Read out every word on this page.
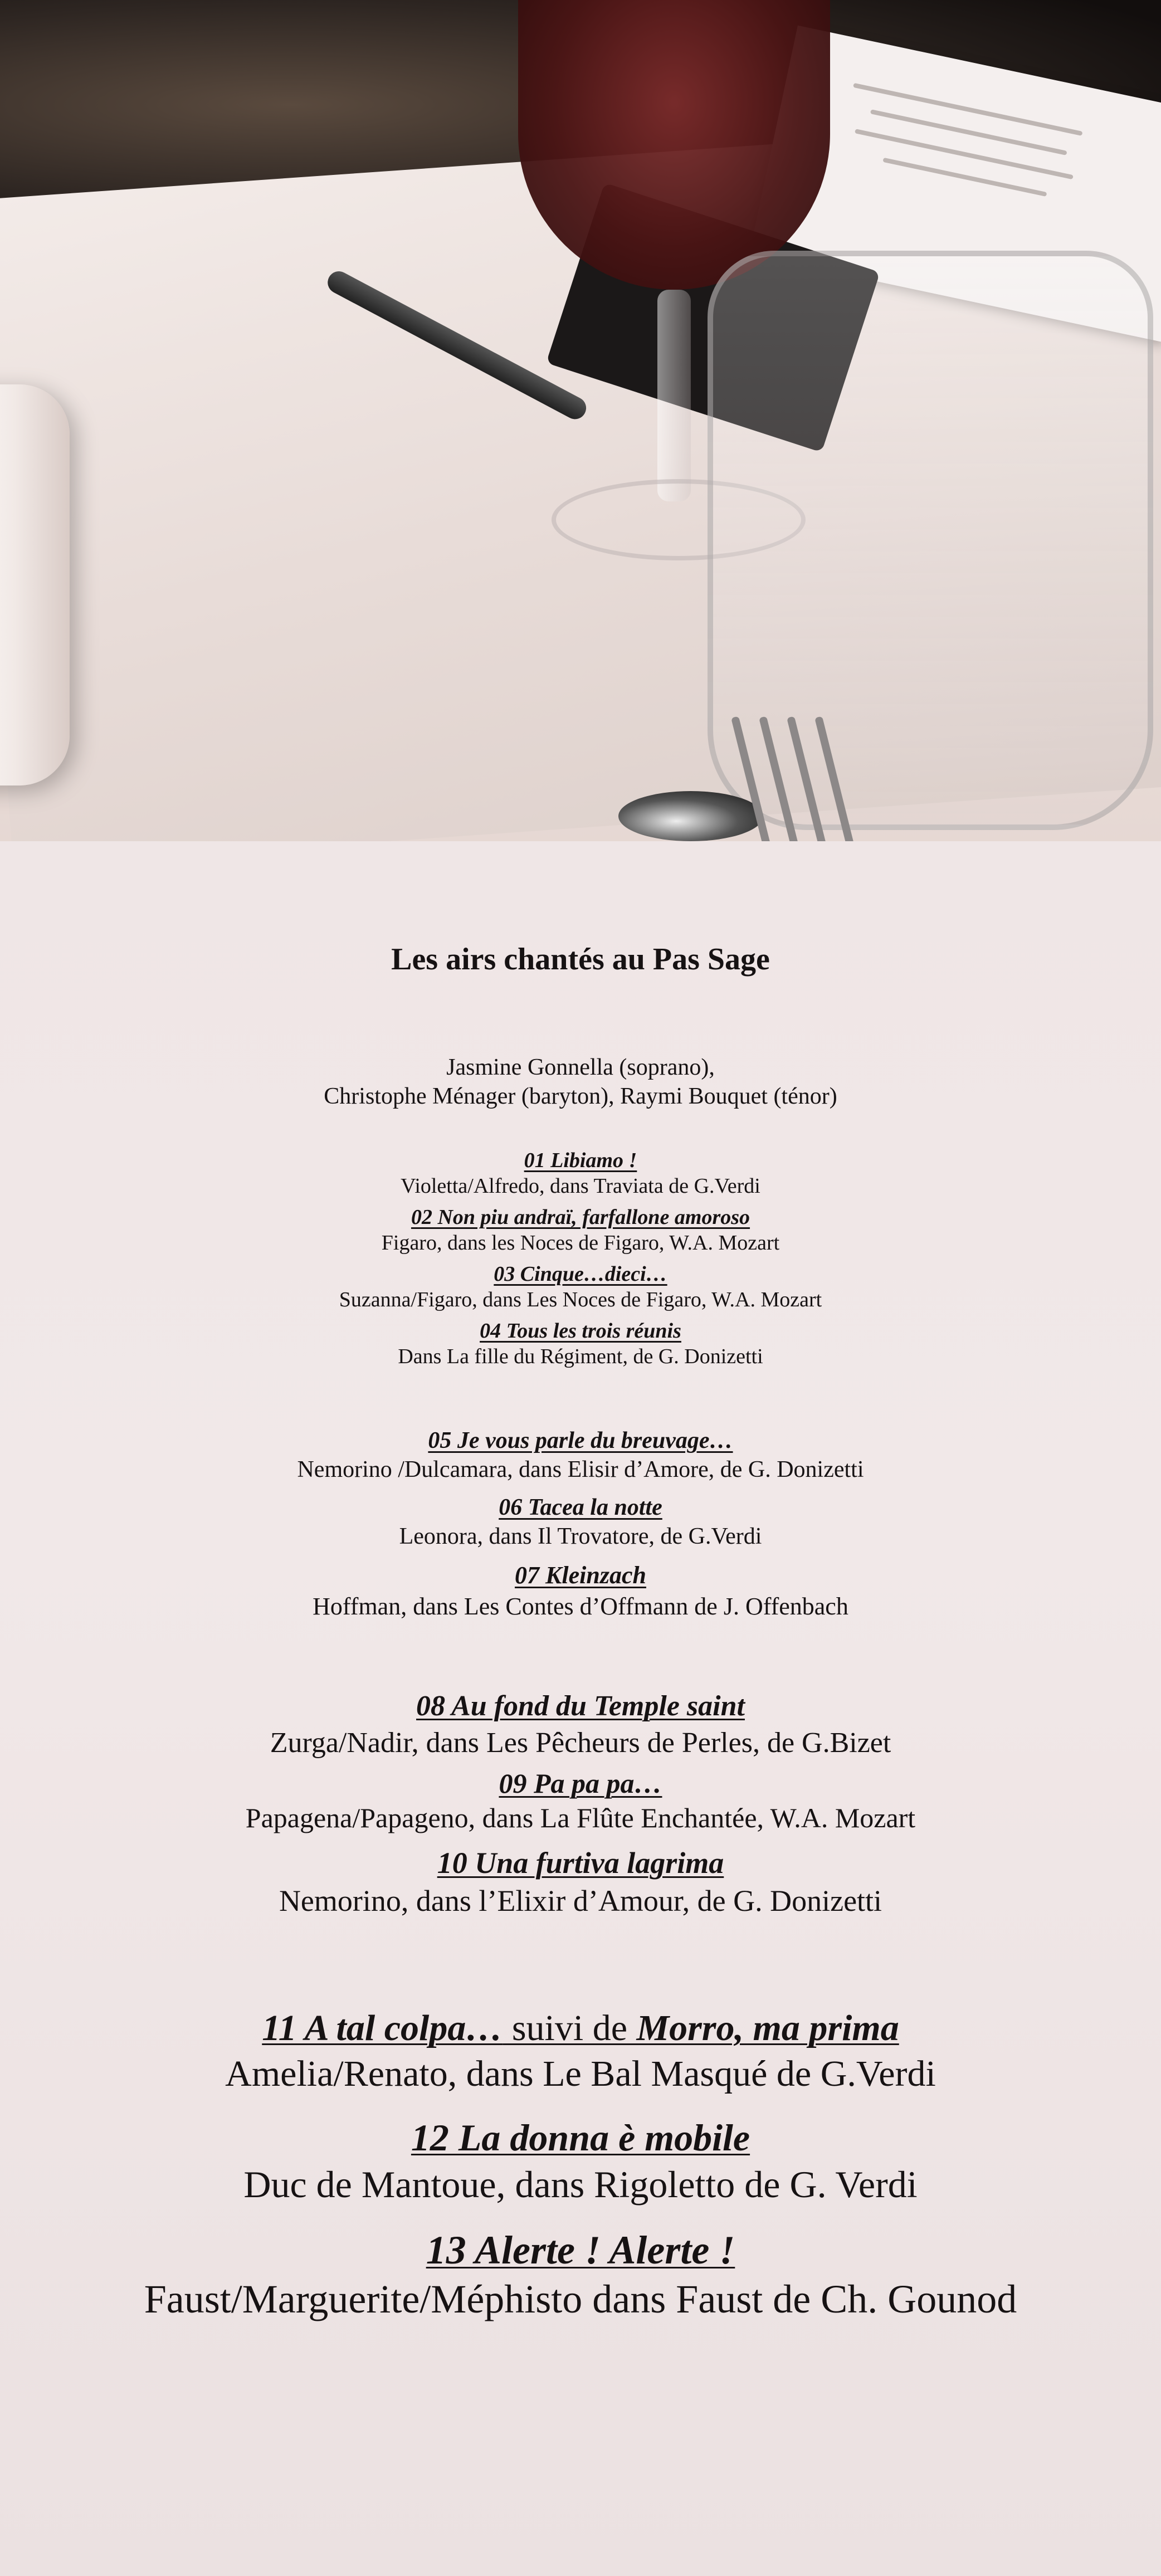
Les airs chantés au Pas Sage
Jasmine Gonnella (soprano),
Christophe Ménager (baryton), Raymi Bouquet (ténor)
01 Libiamo !
Violetta/Alfredo, dans Traviata de G.Verdi
02 Non piu andraï, farfallone amoroso
Figaro, dans les Noces de Figaro, W.A. Mozart
03 Cinque…dieci…
Suzanna/Figaro, dans Les Noces de Figaro, W.A. Mozart
04 Tous les trois réunis
Dans La fille du Régiment, de G. Donizetti
05 Je vous parle du breuvage…
Nemorino /Dulcamara, dans Elisir d’Amore, de G. Donizetti
06 Tacea la notte
Leonora, dans Il Trovatore, de G.Verdi
07 Kleinzach
Hoffman, dans Les Contes d’Offmann de J. Offenbach
08 Au fond du Temple saint
Zurga/Nadir, dans Les Pêcheurs de Perles, de G.Bizet
09 Pa pa pa…
Papagena/Papageno, dans La Flûte Enchantée, W.A. Mozart
10 Una furtiva lagrima
Nemorino, dans l’Elixir d’Amour, de G. Donizetti
11 A tal colpa… suivi de Morro, ma prima
Amelia/Renato, dans Le Bal Masqué de G.Verdi
12 La donna è mobile
Duc de Mantoue, dans Rigoletto de G. Verdi
13 Alerte ! Alerte !
Faust/Marguerite/Méphisto dans Faust de Ch. Gounod
